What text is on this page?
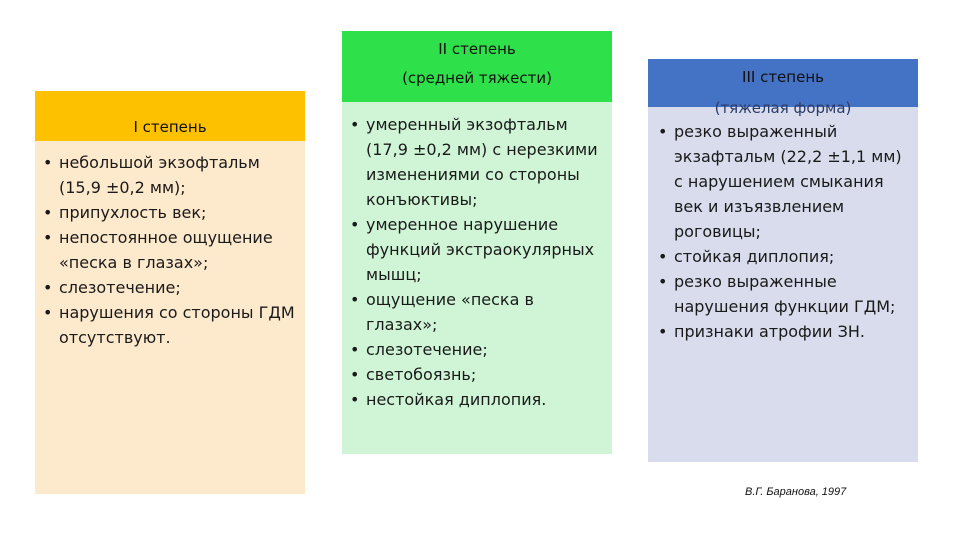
I степень
• небольшой экзофтальм (15,9 ±0,2 мм);
• припухлость век;
• непостоянное ощущение «песка в глазах»;
• слезотечение;
• нарушения со стороны ГДМ отсутствуют.
II степень
(средней тяжести)
• умеренный экзофтальм (17,9 ±0,2 мм) с нерезкими изменениями со стороны конъюктивы;
• умеренное нарушение функций экстраокулярных мышц;
• ощущение «песка в глазах»;
• слезотечение;
• светобоязнь;
• нестойкая диплопия.
III степень
(тяжелая форма)
• резко выраженный экзафтальм (22,2 ±1,1 мм) с нарушением смыкания век и изъязвлением роговицы;
• стойкая диплопия;
• резко выраженные нарушения функции ГДМ;
• признаки атрофии ЗН.
В.Г. Баранова, 1997
